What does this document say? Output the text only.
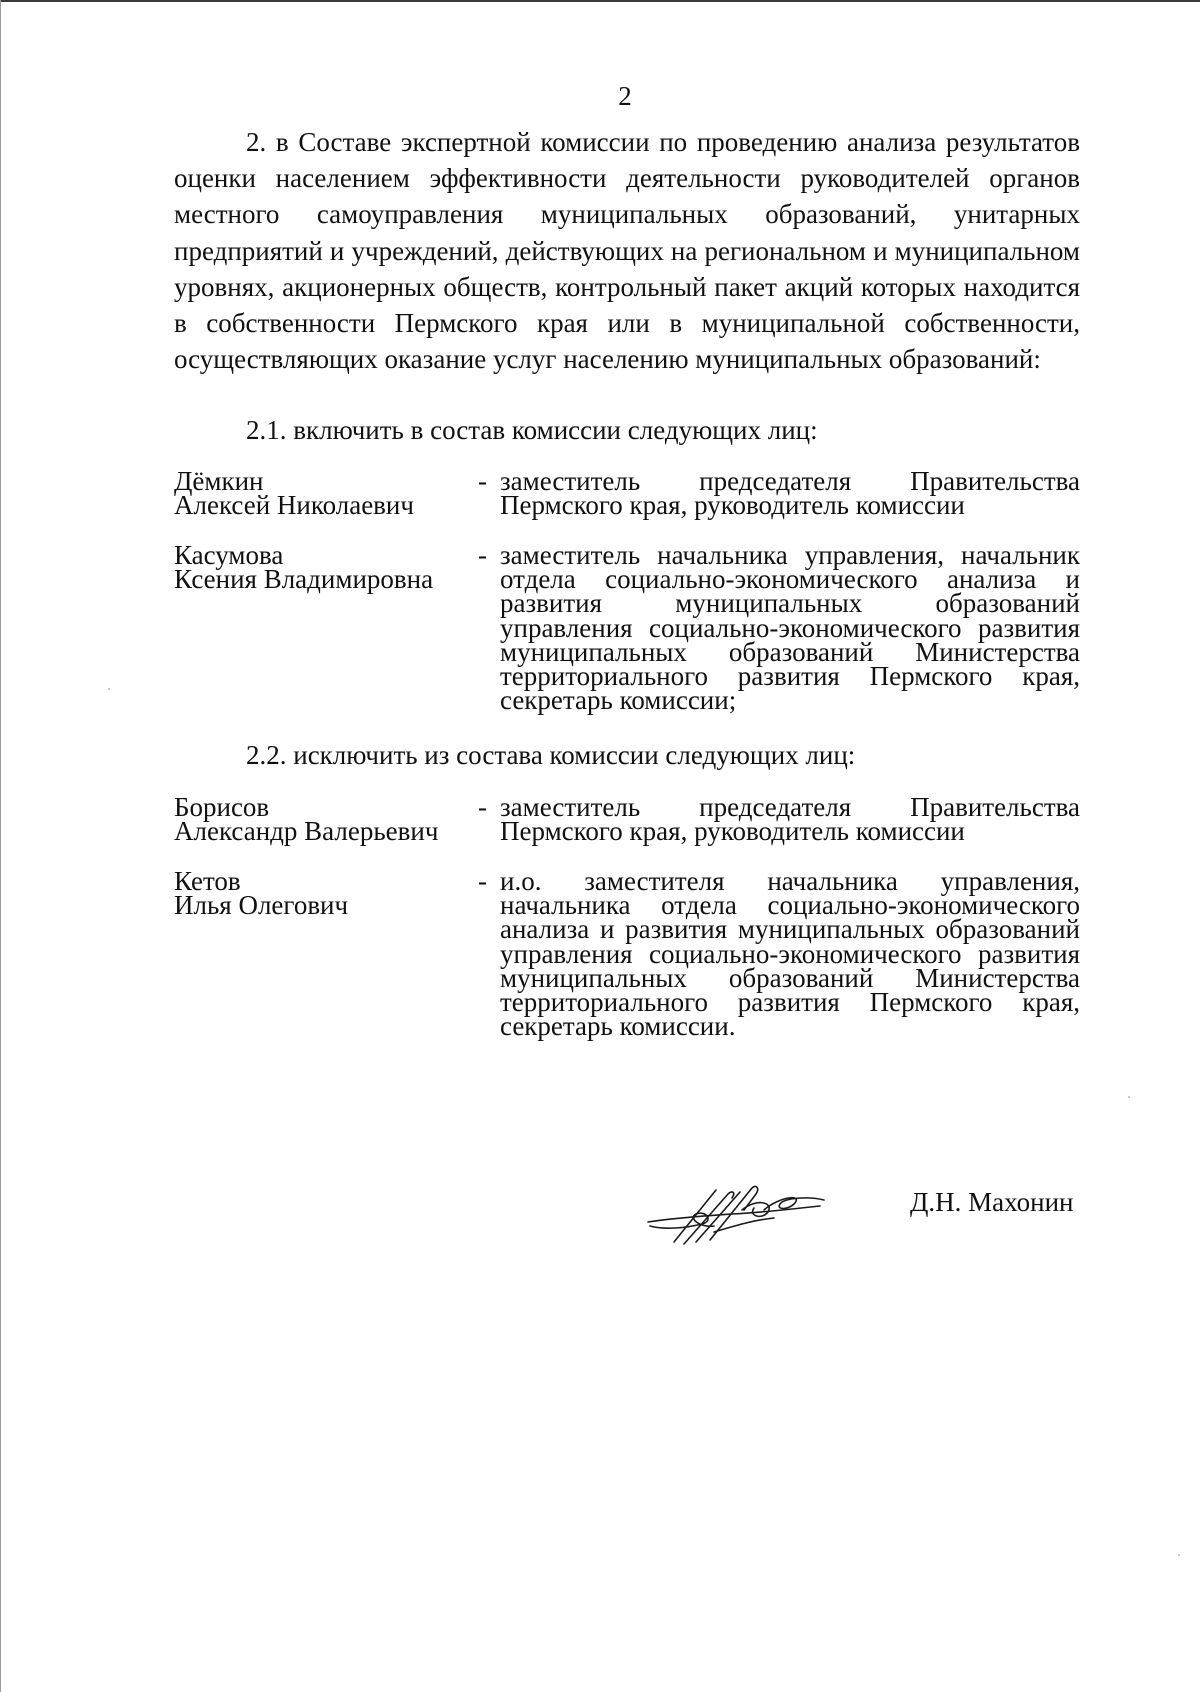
2

2. в Составе экспертной комиссии по проведению анализа результатов оценки населением эффективности деятельности руководителей органов местного самоуправления муниципальных образований, унитарных предприятий и учреждений, действующих на региональном и муниципальном уровнях, акционерных обществ, контрольный пакет акций которых находится в собственности Пермского края или в муниципальной собственности, осуществляющих оказание услуг населению муниципальных образований:

2.1. включить в состав комиссии следующих лиц:

Дёмкин
Алексей Николаевич
- заместитель председателя Правительства Пермского края, руководитель комиссии
Касумова
Ксения Владимировна
- заместитель начальника управления, начальник отдела социально-экономического анализа и развития муниципальных образований управления социально-экономического развития муниципальных образований Министерства территориального развития Пермского края, секретарь комиссии;

2.2. исключить из состава комиссии следующих лиц:

Борисов
Александр Валерьевич
- заместитель председателя Правительства Пермского края, руководитель комиссии
Кетов
Илья Олегович
- и.о. заместителя начальника управления, начальника отдела социально-экономического анализа и развития муниципальных образований управления социально-экономического развития муниципальных образований Министерства территориального развития Пермского края, секретарь комиссии.
Д.Н. Махонин
